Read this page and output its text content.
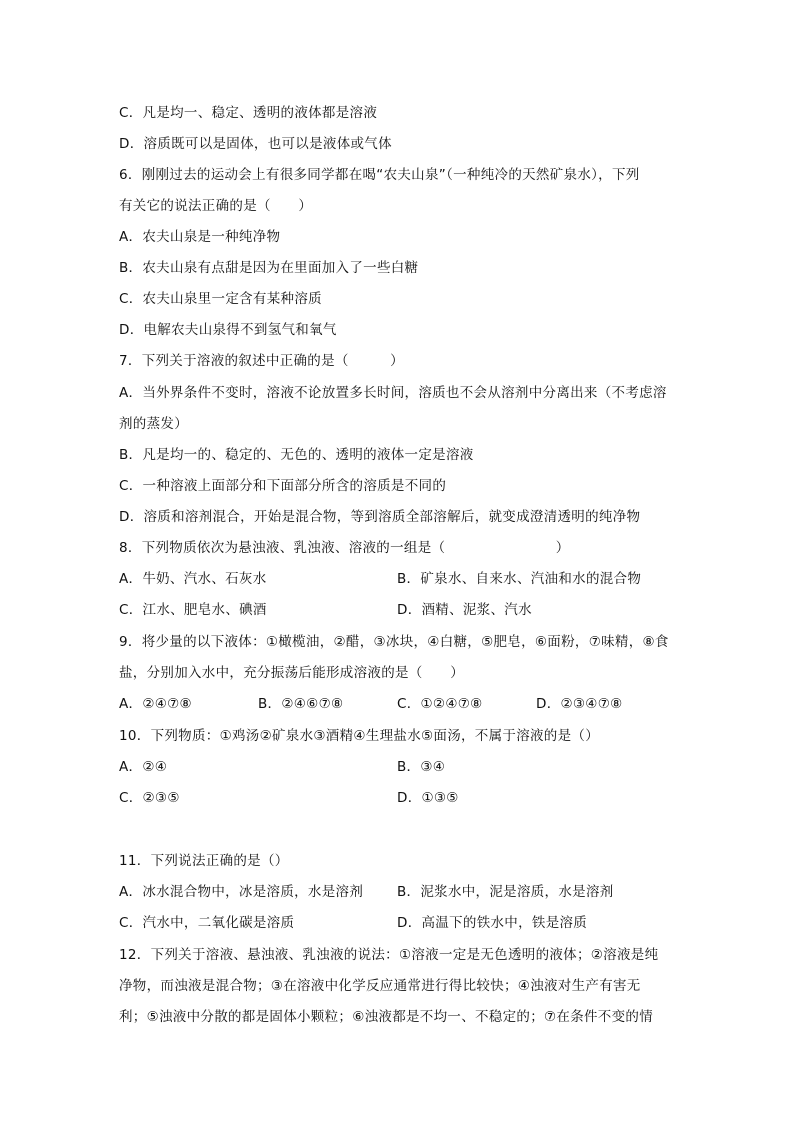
C．凡是均一、稳定、透明的液体都是溶液
D．溶质既可以是固体，也可以是液体或气体
6．刚刚过去的运动会上有很多同学都在喝“农夫山泉”（一种纯冷的天然矿泉水），下列
有关它的说法正确的是（　　）
A．农夫山泉是一种纯净物
B．农夫山泉有点甜是因为在里面加入了一些白糖
C．农夫山泉里一定含有某种溶质
D．电解农夫山泉得不到氢气和氧气
7．下列关于溶液的叙述中正确的是（　　　）
A．当外界条件不变时，溶液不论放置多长时间，溶质也不会从溶剂中分离出来（不考虑溶
剂的蒸发）
B．凡是均一的、稳定的、无色的、透明的液体一定是溶液
C．一种溶液上面部分和下面部分所含的溶质是不同的
D．溶质和溶剂混合，开始是混合物，等到溶质全部溶解后，就变成澄清透明的纯净物
8．下列物质依次为悬浊液、乳浊液、溶液的一组是（　　　　　　　　）
A．牛奶、汽水、石灰水	B．矿泉水、自来水、汽油和水的混合物
C．江水、肥皂水、碘酒	D．酒精、泥浆、汽水
9．将少量的以下液体：①橄榄油，②醋，③冰块，④白糖，⑤肥皂，⑥面粉，⑦味精，⑧食
盐，分别加入水中，充分振荡后能形成溶液的是（　　）
A．②④⑦⑧	B．②④⑥⑦⑧	C．①②④⑦⑧	D．②③④⑦⑧
10．下列物质：①鸡汤②矿泉水③酒精④生理盐水⑤面汤，不属于溶液的是（）
A．②④	B．③④
C．②③⑤	D．①③⑤
11．下列说法正确的是（）
A．冰水混合物中，冰是溶质，水是溶剂	B．泥浆水中，泥是溶质，水是溶剂
C．汽水中，二氧化碳是溶质	D．高温下的铁水中，铁是溶质
12．下列关于溶液、悬浊液、乳浊液的说法：①溶液一定是无色透明的液体；②溶液是纯
净物，而浊液是混合物；③在溶液中化学反应通常进行得比较快；④浊液对生产有害无
利；⑤浊液中分散的都是固体小颗粒；⑥浊液都是不均一、不稳定的；⑦在条件不变的情
